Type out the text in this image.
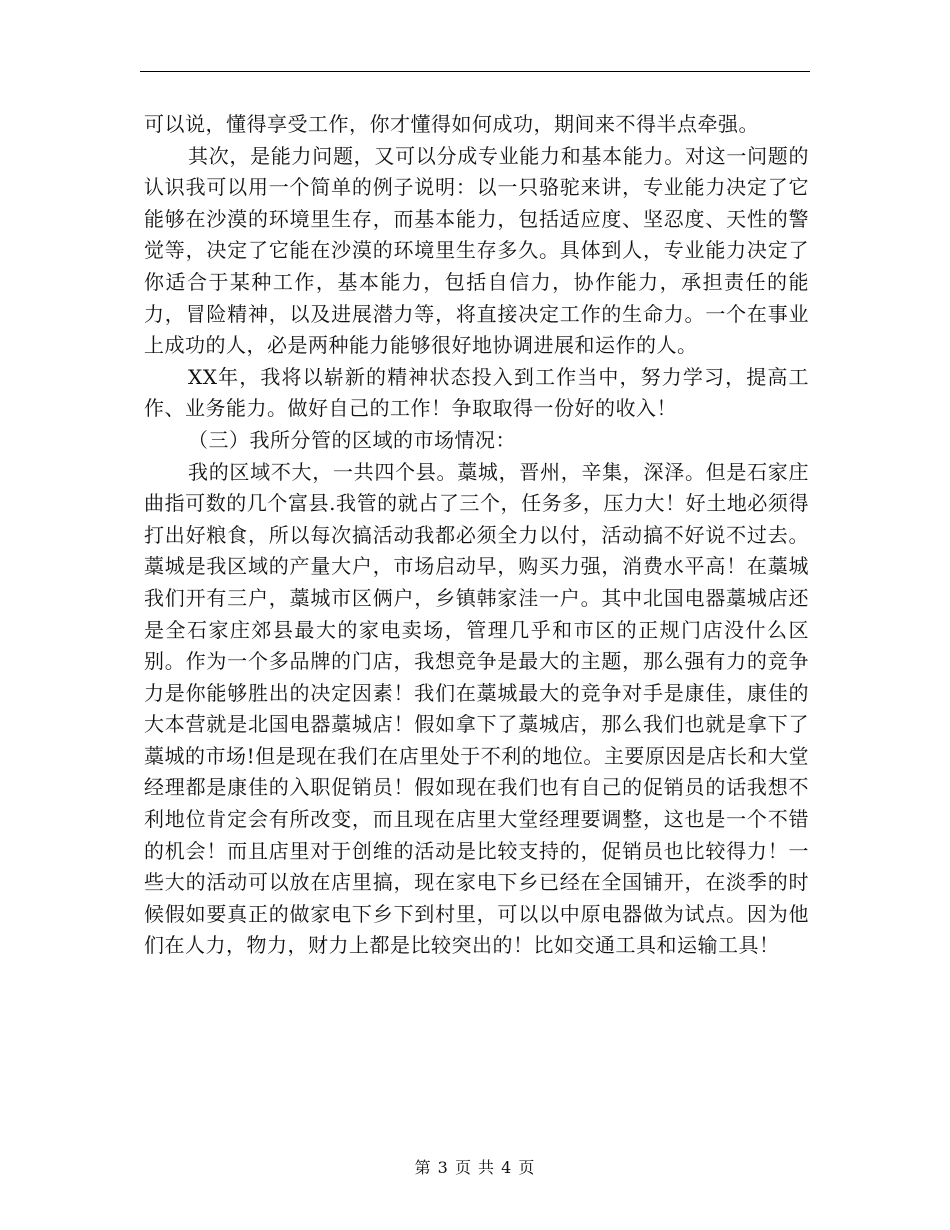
可以说，懂得享受工作，你才懂得如何成功，期间来不得半点牵强。

其次，是能力问题，又可以分成专业能力和基本能力。对这一问题的认识我可以用一个简单的例子说明：以一只骆驼来讲，专业能力决定了它能够在沙漠的环境里生存，而基本能力，包括适应度、坚忍度、天性的警觉等，决定了它能在沙漠的环境里生存多久。具体到人，专业能力决定了你适合于某种工作，基本能力，包括自信力，协作能力，承担责任的能力，冒险精神，以及进展潜力等，将直接决定工作的生命力。一个在事业上成功的人，必是两种能力能够很好地协调进展和运作的人。

XX年，我将以崭新的精神状态投入到工作当中，努力学习，提高工作、业务能力。做好自己的工作！争取取得一份好的收入！

（三）我所分管的区域的市场情况：

我的区域不大，一共四个县。藁城，晋州，辛集，深泽。但是石家庄曲指可数的几个富县.我管的就占了三个，任务多，压力大！好土地必须得打出好粮食，所以每次搞活动我都必须全力以付，活动搞不好说不过去。藁城是我区域的产量大户，市场启动早，购买力强，消费水平高！在藁城我们开有三户，藁城市区俩户，乡镇韩家洼一户。其中北国电器藁城店还是全石家庄郊县最大的家电卖场，管理几乎和市区的正规门店没什么区别。作为一个多品牌的门店，我想竞争是最大的主题，那么强有力的竞争力是你能够胜出的决定因素！我们在藁城最大的竞争对手是康佳，康佳的大本营就是北国电器藁城店！假如拿下了藁城店，那么我们也就是拿下了藁城的市场!但是现在我们在店里处于不利的地位。主要原因是店长和大堂经理都是康佳的入职促销员！假如现在我们也有自己的促销员的话我想不利地位肯定会有所改变，而且现在店里大堂经理要调整，这也是一个不错的机会！而且店里对于创维的活动是比较支持的，促销员也比较得力！一些大的活动可以放在店里搞，现在家电下乡已经在全国铺开，在淡季的时候假如要真正的做家电下乡下到村里，可以以中原电器做为试点。因为他们在人力，物力，财力上都是比较突出的！比如交通工具和运输工具！

第 3 页 共 4 页
